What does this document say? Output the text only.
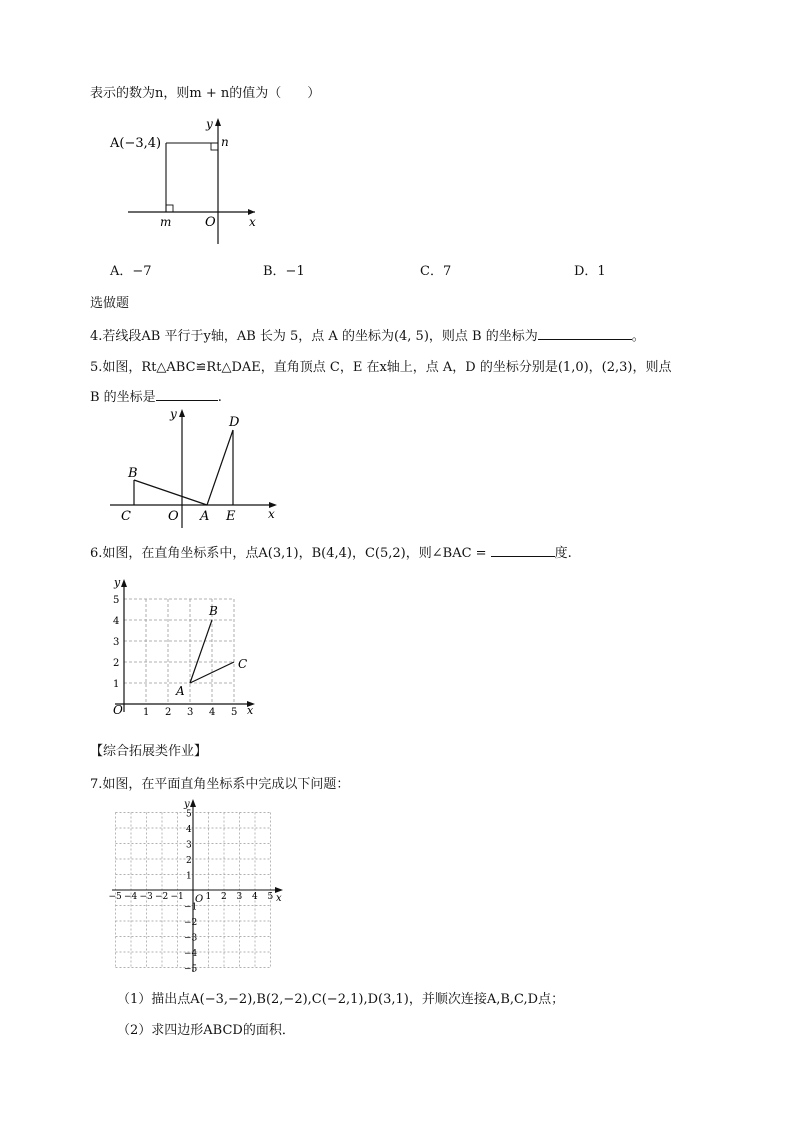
表示的数为n，则m + n的值为（　　）
A(−3,4)	n
m	O	x
y
A．−7	B．−1	C．7	D．1
选做题
4.若线段AB 平行于y轴，AB 长为 5，点 A 的坐标为(4, 5)，则点 B 的坐标为	。
5.如图，Rt△ABC≌Rt△DAE，直角顶点 C，E 在x轴上，点 A，D 的坐标分别是(1,0)，(2,3)，则点
B 的坐标是	.
B
C	O A E
D
x
y
6.如图，在直角坐标系中，点A(3,1)，B(4,4)，C(5,2)，则∠BAC =	度.
1 2 3 4 5
1
2
3
4
5
A
B
C
O	x
y
【综合拓展类作业】
7.如图，在平面直角坐标系中完成以下问题：
−5 −4 −3 −2 −1 1 2 3 4 5
5
4
3
2
1
−1
−2
−3
−4
−5
O	x
y
（1）描出点A(−3,−2),B(2,−2),C(−2,1),D(3,1)，并顺次连接A,B,C,D点；
（2）求四边形ABCD的面积．
